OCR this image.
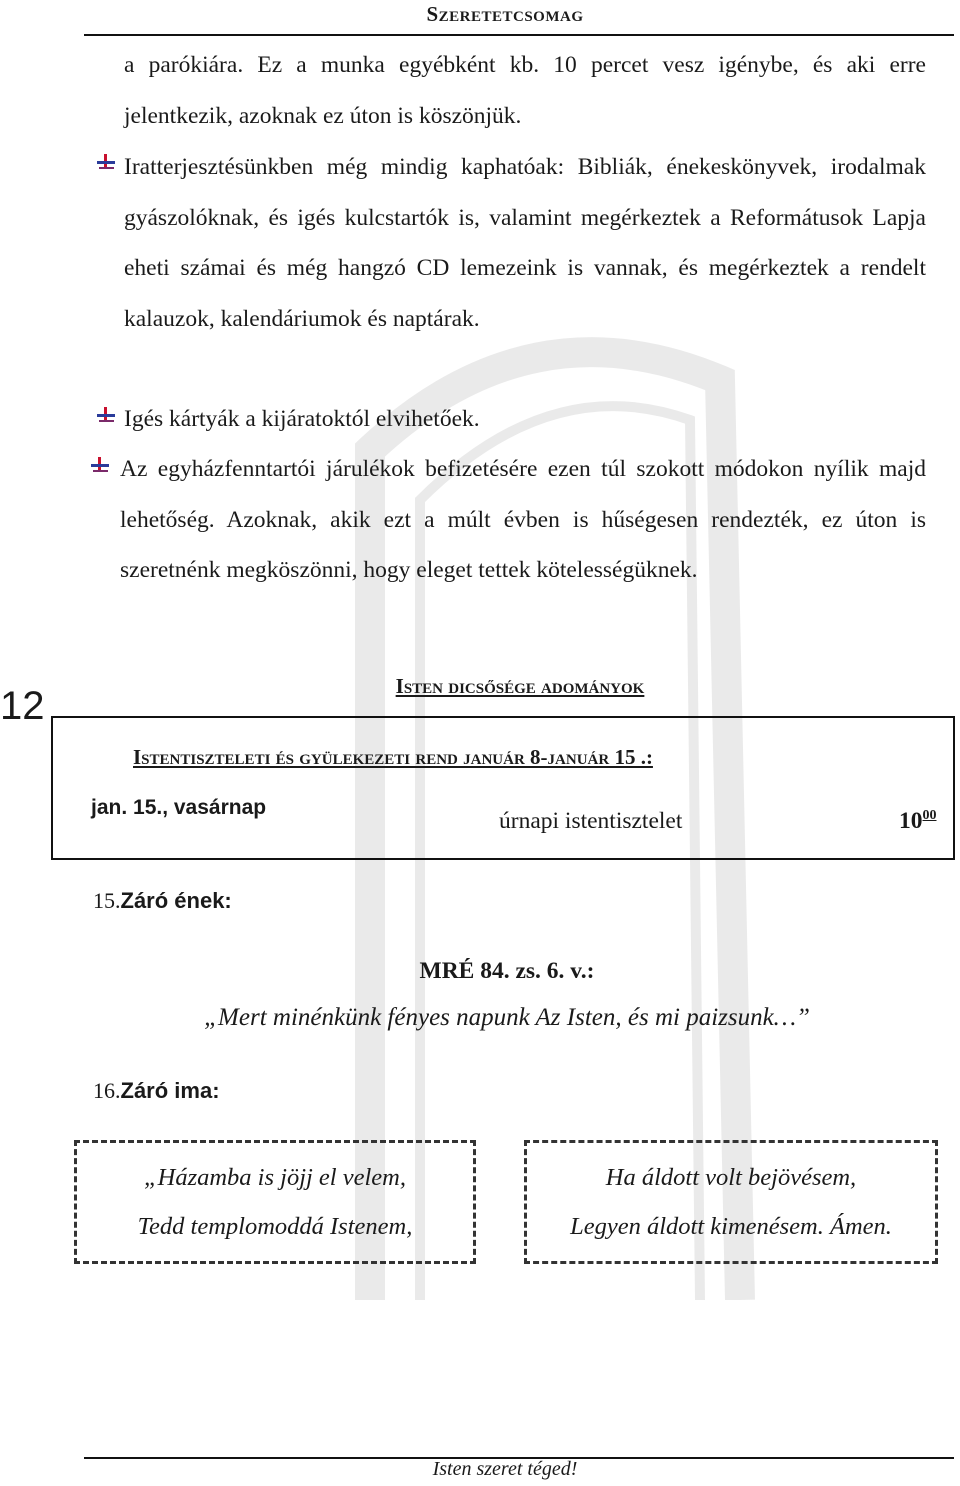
Szeretetcsomag
a parókiára. Ez a munka egyébként kb. 10 percet vesz igénybe, és aki erre jelentkezik, azoknak ez úton is köszönjük.
Iratterjesztésünkben még mindig kaphatóak: Bibliák, énekeskönyvek, irodalmak gyászolóknak, és igés kulcstartók is, valamint megérkeztek a Reformátusok Lapja eheti számai és még hangzó CD lemezeink is vannak, és megérkeztek a rendelt kalauzok, kalendáriumok és naptárak.
Igés kártyák a kijáratoktól elvihetőek.
Az egyházfenntartói járulékok befizetésére ezen túl szokott módokon nyílik majd lehetőség. Azoknak, akik ezt a múlt évben is hűségesen rendezték, ez úton is szeretnénk megköszönni, hogy eleget tettek kötelességüknek.
12	Isten dicsősége adományok
Istentiszteleti és gyülekezeti rend január 8-január 15 .:
jan. 15., vasárnap
úrnapi istentisztelet	$10^{00}$
15.Záró ének:
MRÉ 84. zs. 6. v.:
„Mert minénkünk fényes napunk Az Isten, és mi paizsunk…”
16.Záró ima:
„Házamba is jöjj el velem,
Tedd templomoddá Istenem,
Ha áldott volt bejövésem,
Legyen áldott kimenésem. Ámen.
Isten szeret téged!
